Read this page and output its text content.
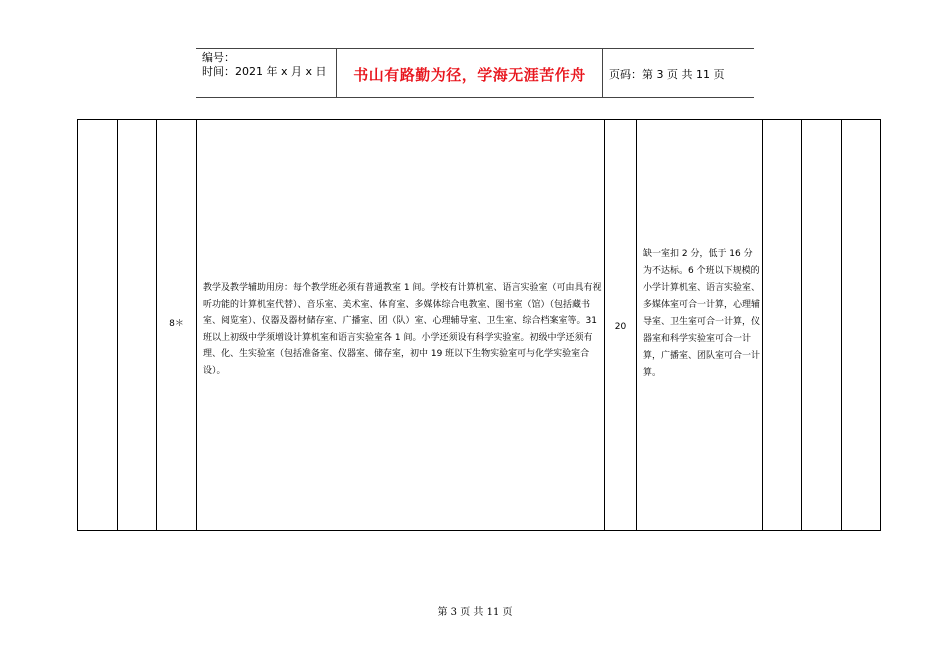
编号：
时间：2021 年 x 月 x 日	书山有路勤为径，学海无涯苦作舟	页码：第 3 页 共 11 页
8＊
教学及教学辅助用房：每个教学班必须有普通教室 1 间。学校有计算机室、语言实验室（可由具有视听功能的计算机室代替）、音乐室、美术室、体育室、多媒体综合电教室、图书室（馆）（包括藏书室、阅览室）、仪器及器材储存室、广播室、团（队）室、心理辅导室、卫生室、综合档案室等。31 班以上初级中学须增设计算机室和语言实验室各 1 间。小学还须设有科学实验室。初级中学还须有理、化、生实验室（包括准备室、仪器室、储存室，初中 19 班以下生物实验室可与化学实验室合设）。
20
缺一室扣 2 分，低于 16 分为不达标。6 个班以下规模的小学计算机室、语言实验室、多媒体室可合一计算，心理辅导室、卫生室可合一计算，仪器室和科学实验室可合一计算，广播室、团队室可合一计算。
第 3 页 共 11 页
